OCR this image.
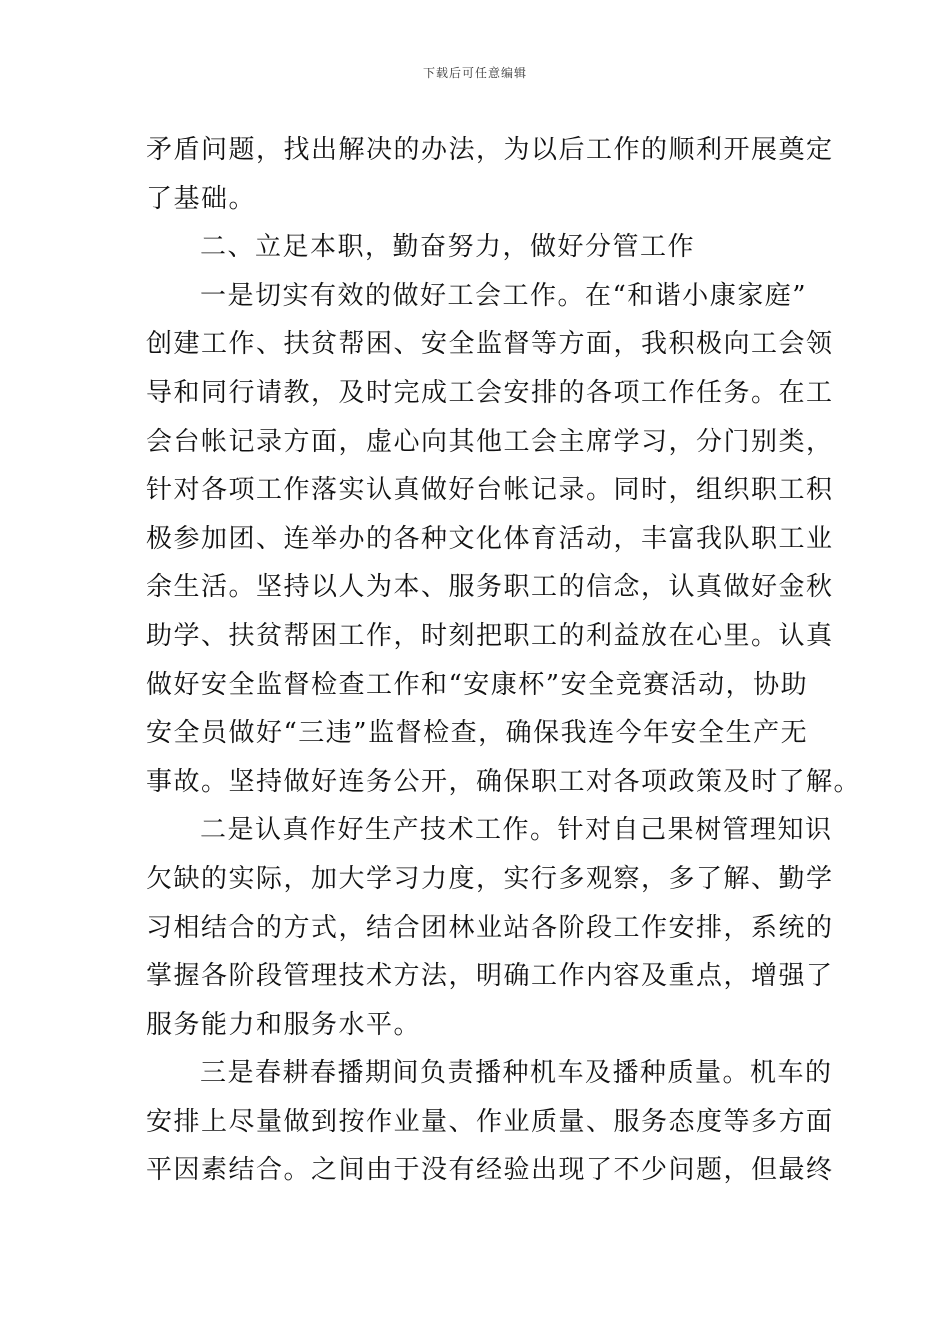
下载后可任意编辑
矛盾问题，找出解决的办法，为以后工作的顺利开展奠定
了基础。
二、立足本职，勤奋努力，做好分管工作
一是切实有效的做好工会工作。在“和谐小康家庭”
创建工作、扶贫帮困、安全监督等方面，我积极向工会领
导和同行请教，及时完成工会安排的各项工作任务。在工
会台帐记录方面，虚心向其他工会主席学习，分门别类，
针对各项工作落实认真做好台帐记录。同时，组织职工积
极参加团、连举办的各种文化体育活动，丰富我队职工业
余生活。坚持以人为本、服务职工的信念，认真做好金秋
助学、扶贫帮困工作，时刻把职工的利益放在心里。认真
做好安全监督检查工作和“安康杯”安全竞赛活动，协助
安全员做好“三违”监督检查，确保我连今年安全生产无
事故。坚持做好连务公开，确保职工对各项政策及时了解。
二是认真作好生产技术工作。针对自己果树管理知识
欠缺的实际，加大学习力度，实行多观察，多了解、勤学
习相结合的方式，结合团林业站各阶段工作安排，系统的
掌握各阶段管理技术方法，明确工作内容及重点，增强了
服务能力和服务水平。
三是春耕春播期间负责播种机车及播种质量。机车的
安排上尽量做到按作业量、作业质量、服务态度等多方面
平因素结合。之间由于没有经验出现了不少问题，但最终
